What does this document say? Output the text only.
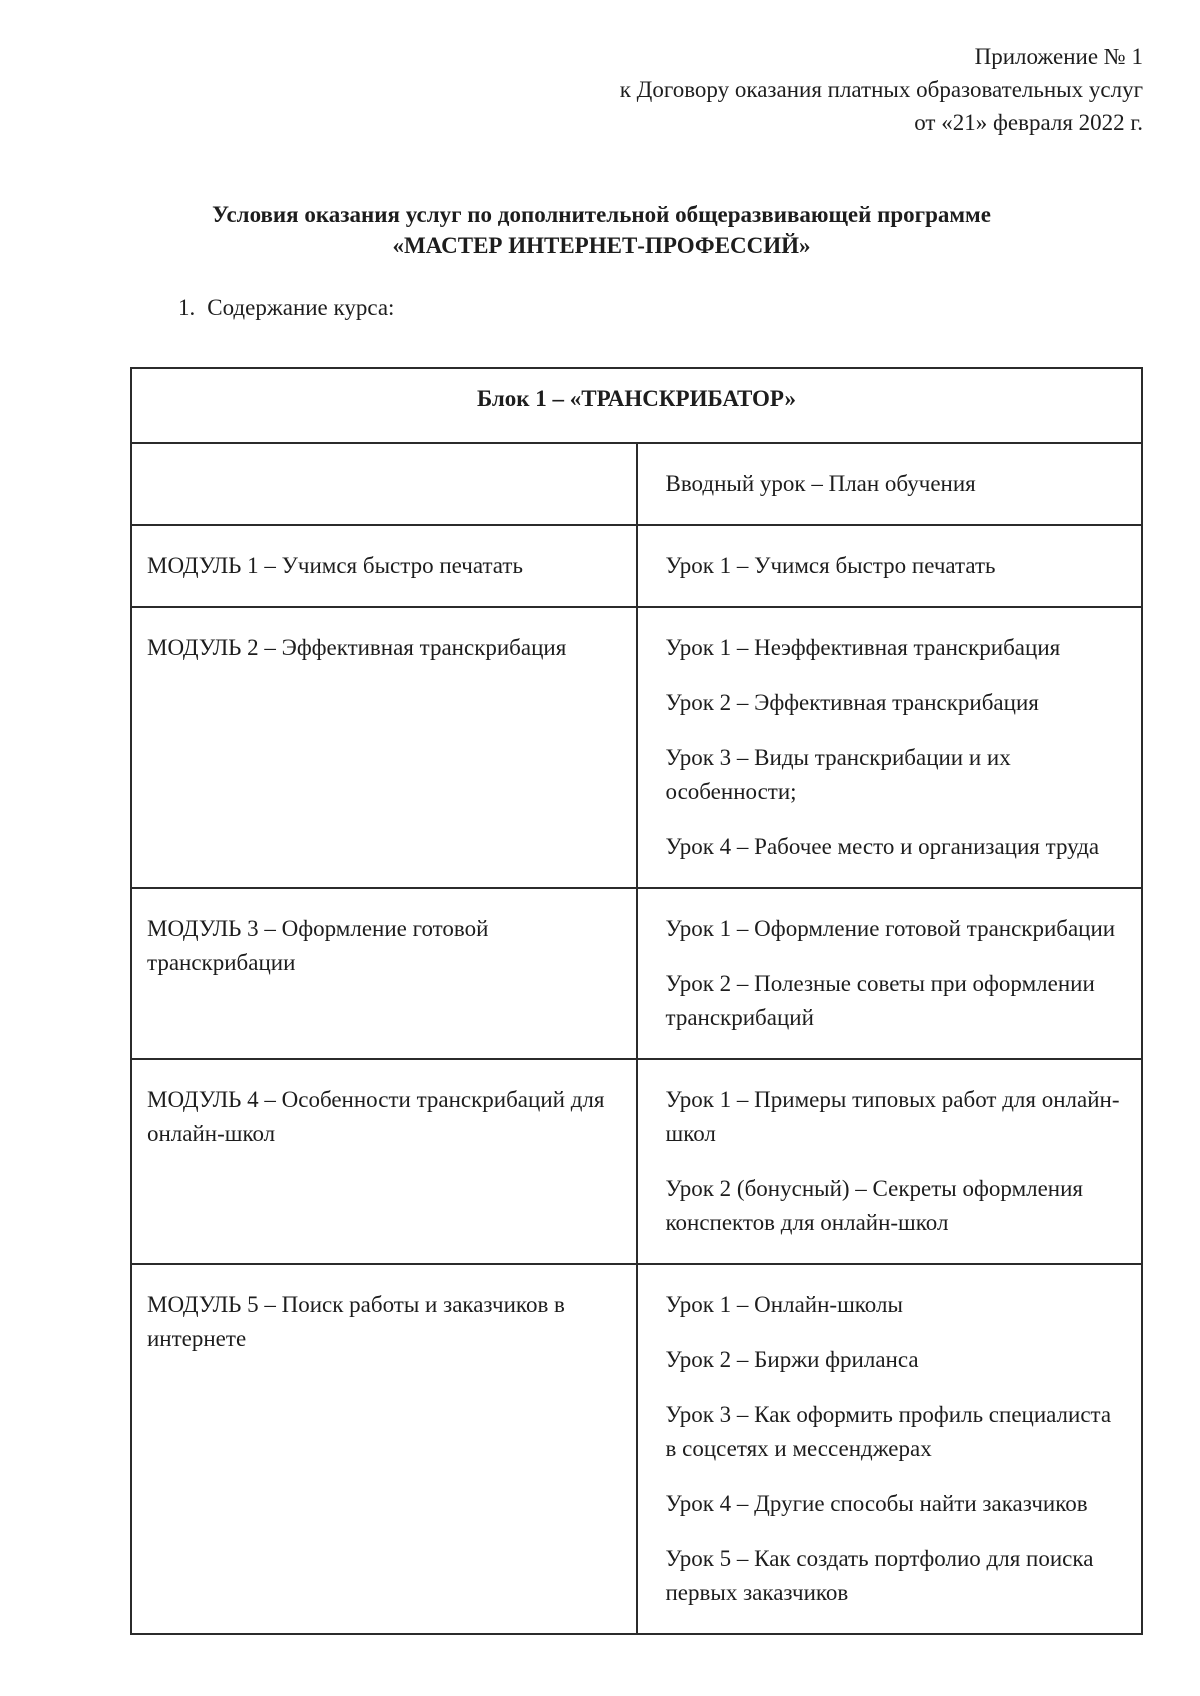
Приложение № 1
к Договору оказания платных образовательных услуг
от «21» февраля 2022 г.
Условия оказания услуг по дополнительной общеразвивающей программе
«МАСТЕР ИНТЕРНЕТ-ПРОФЕССИЙ»
1. Содержание курса:
Блок 1 – «ТРАНСКРИБАТОР»	

	Вводный урок – План обучения

МОДУЛЬ 1 – Учимся быстро печатать	Урок 1 – Учимся быстро печатать

МОДУЛЬ 2 – Эффективная транскрибация	Урок 1 – Неэффективная транскрибация

Урок 2 – Эффективная транскрибация

Урок 3 – Виды транскрибации и их особенности;

Урок 4 – Рабочее место и организация труда

МОДУЛЬ 3 – Оформление готовой транскрибации	Урок 1 – Оформление готовой транскрибации

Урок 2 – Полезные советы при оформлении транскрибаций

МОДУЛЬ 4 – Особенности транскрибаций для онлайн-школ	Урок 1 – Примеры типовых работ для онлайн-школ

Урок 2 (бонусный) – Секреты оформления конспектов для онлайн-школ

МОДУЛЬ 5 – Поиск работы и заказчиков в интернете	Урок 1 – Онлайн-школы

Урок 2 – Биржи фриланса

Урок 3 – Как оформить профиль специалиста в соцсетях и мессенджерах

Урок 4 – Другие способы найти заказчиков

Урок 5 – Как создать портфолио для поиска первых заказчиков
